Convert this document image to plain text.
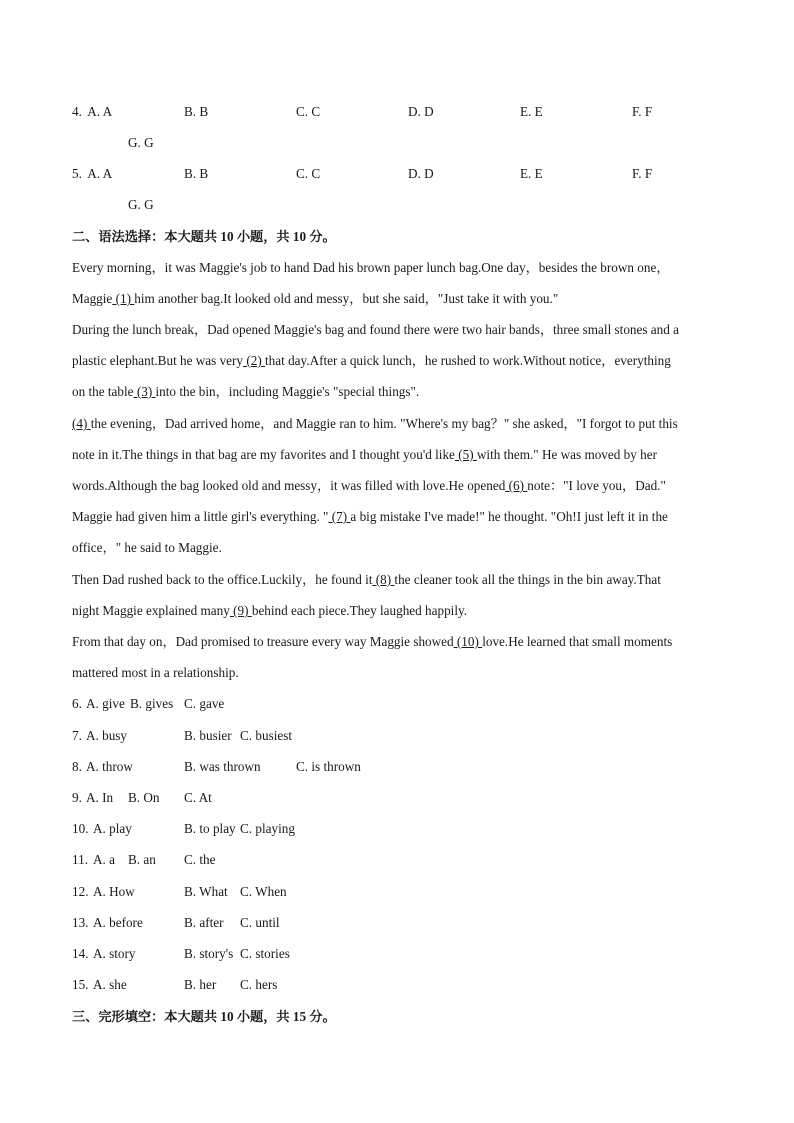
4. A. A	B. B	C. C	D. D	E. E	F. F
G. G
5. A. A	B. B	C. C	D. D	E. E	F. F
G. G
二、语法选择：本大题共 10 小题，共 10 分。
Every morning，it was Maggie's job to hand Dad his brown paper lunch bag.One day，besides the brown one，
Maggie (1) him another bag.It looked old and messy，but she said，"Just take it with you."
During the lunch break，Dad opened Maggie's bag and found there were two hair bands，three small stones and a
plastic elephant.But he was very (2) that day.After a quick lunch，he rushed to work.Without notice，everything
on the table (3) into the bin，including Maggie's "special things".
(4) the evening，Dad arrived home，and Maggie ran to him. "Where's my bag？" she asked，"I forgot to put this
note in it.The things in that bag are my favorites and I thought you'd like (5) with them." He was moved by her
words.Although the bag looked old and messy，it was filled with love.He opened (6) note："I love you，Dad."
Maggie had given him a little girl's everything. " (7) a big mistake I've made!" he thought. "Oh!I just left it in the
office，" he said to Maggie.
Then Dad rushed back to the office.Luckily，he found it (8) the cleaner took all the things in the bin away.That
night Maggie explained many (9) behind each piece.They laughed happily.
From that day on，Dad promised to treasure every way Maggie showed (10) love.He learned that small moments
mattered most in a relationship.
6. A. give B. gives C. gave
7. A. busy	B. busier C. busiest
8. A. throw	B. was thrown	C. is thrown
9. A. In B. On C. At
10. A. play	B. to play C. playing
11. A. a B. an C. the
12. A. How	B. What C. When
13. A. before	B. after C. until
14. A. story	B. story's C. stories
15. A. she	B. her C. hers
三、完形填空：本大题共 10 小题，共 15 分。
